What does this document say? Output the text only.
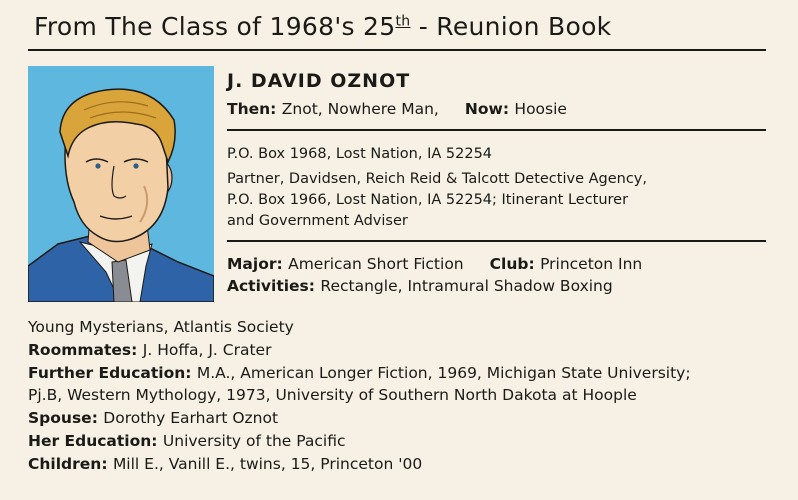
From The Class of 1968's 25th - Reunion Book
J. DAVID OZNOT
Then: Znot, Nowhere Man, Now: Hoosie
P.O. Box 1968, Lost Nation, IA 52254
Partner, Davidsen, Reich Reid & Talcott Detective Agency,
P.O. Box 1966, Lost Nation, IA 52254; Itinerant Lecturer
and Government Adviser
Major: American Short Fiction Club: Princeton Inn
Activities: Rectangle, Intramural Shadow Boxing
Young Mysterians, Atlantis Society
Roommates: J. Hoffa, J. Crater
Further Education: M.A., American Longer Fiction, 1969, Michigan State University;
Pj.B, Western Mythology, 1973, University of Southern North Dakota at Hoople
Spouse: Dorothy Earhart Oznot
Her Education: University of the Pacific
Children: Mill E., Vanill E., twins, 15, Princeton '00
